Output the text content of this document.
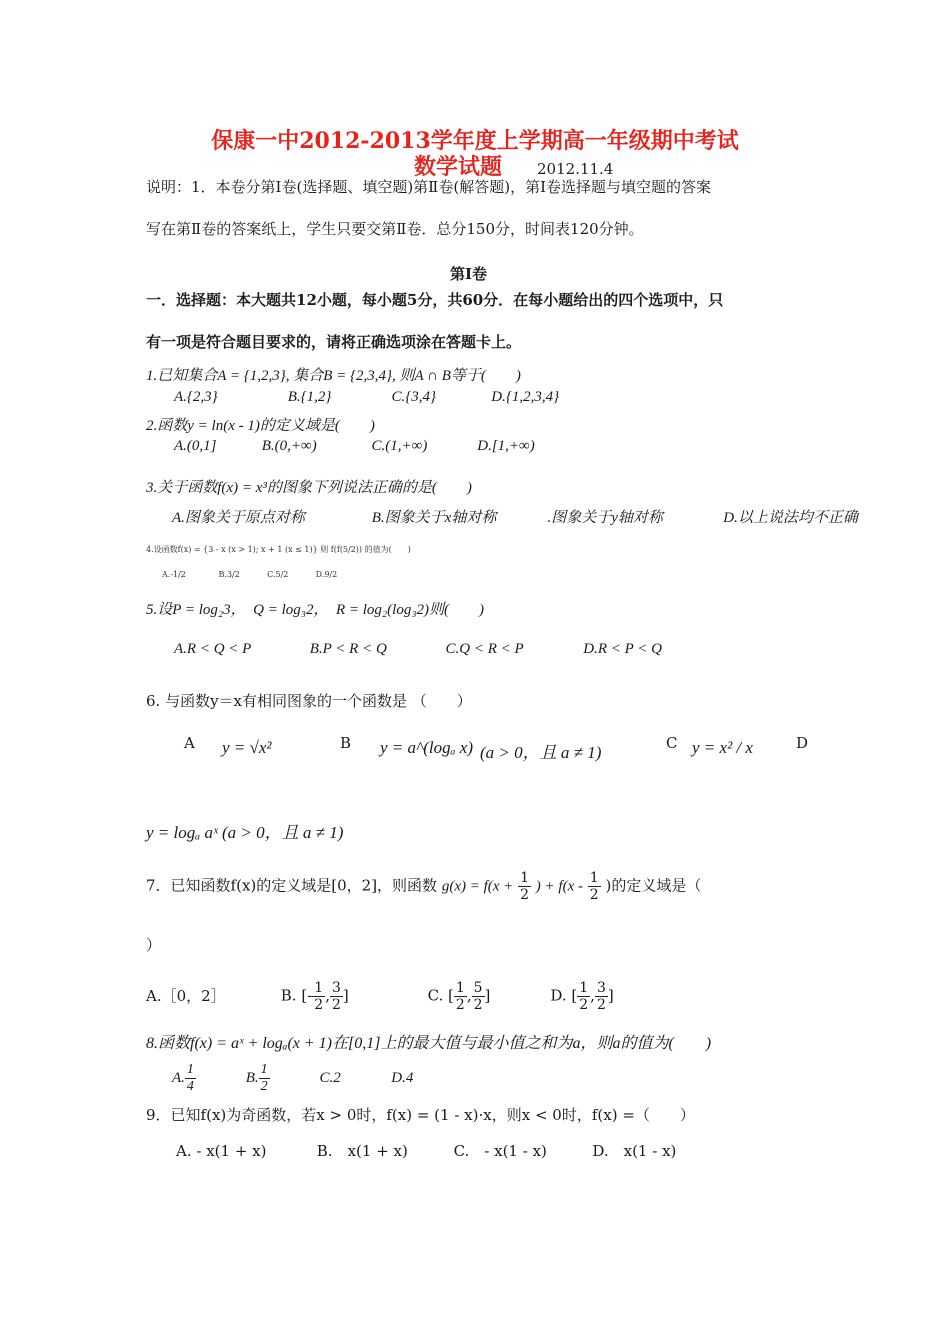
保康一中2012-2013学年度上学期高一年级期中考试
数学试题 2012.11.4
说明：1．本卷分第Ⅰ卷(选择题、填空题)第Ⅱ卷(解答题)，第Ⅰ卷选择题与填空题的答案
写在第Ⅱ卷的答案纸上，学生只要交第Ⅱ卷．总分150分，时间表120分钟。
第Ⅰ卷
一．选择题：本大题共12小题，每小题5分，共60分．在每小题给出的四个选项中，只
有一项是符合题目要求的，请将正确选项涂在答题卡上。
1.已知集合A = {1,2,3}, 集合B = {2,3,4}, 则A ∩ B等于(　　)
A.{2,3}	B.{1,2}	C.{3,4}	D.{1,2,3,4}
2.函数y = ln(x - 1)的定义域是(　　)
A.(0,1]	B.(0,+∞)	C.(1,+∞)	D.[1,+∞)
3.关于函数f(x) = x³的图象下列说法正确的是(　　)
A.图象关于原点对称	B.图象关于x轴对称	.图象关于y轴对称	D.以上说法均不正确
4.设函数f(x) = {3 - x (x > 1); x + 1 (x ≤ 1)} 则 f(f(5/2)) 的值为(　　)
A.-1/2	B.3/2	C.5/2	D.9/2
5.设P = log₂3，　Q = log₃2，　R = log₂(log₃2)则(　　)
A.R < Q < P	B.P < R < Q	C.Q < R < P	D.R < P < Q
6. 与函数y＝x有相同图象的一个函数是 （　　）
A y = √x²	B y = a^(logₐ x) (a > 0，且 a ≠ 1)	C y = x² / x	D
y = logₐ aˣ (a > 0，且 a ≠ 1)
7．已知函数f(x)的定义域是[0，2]，则函数 $g(x) = f(x + \frac{1}{2}$ ) + $f(x - \frac{1}{2}$ )的定义域是（
）
A.［0，2］	B. [- $\frac{1}{2}$ , $\frac{3}{2}$ ]	C. [ $\frac{1}{2}$ , $\frac{5}{2}$ ]	D. [ $\frac{1}{2}$ , $\frac{3}{2}$ ]
8.函数f(x) = aˣ + logₐ(x + 1)在[0,1]上的最大值与最小值之和为a，则a的值为(　　)
A. $\frac{1}{4}$	B. $\frac{1}{2}$	C.2	D.4
9．已知f(x)为奇函数，若x > 0时，f(x) = (1 - x)·x，则x < 0时，f(x) =（　　）
A. - x(1 + x)	B.　x(1 + x)	C.　- x(1 - x)	D.　x(1 - x)
